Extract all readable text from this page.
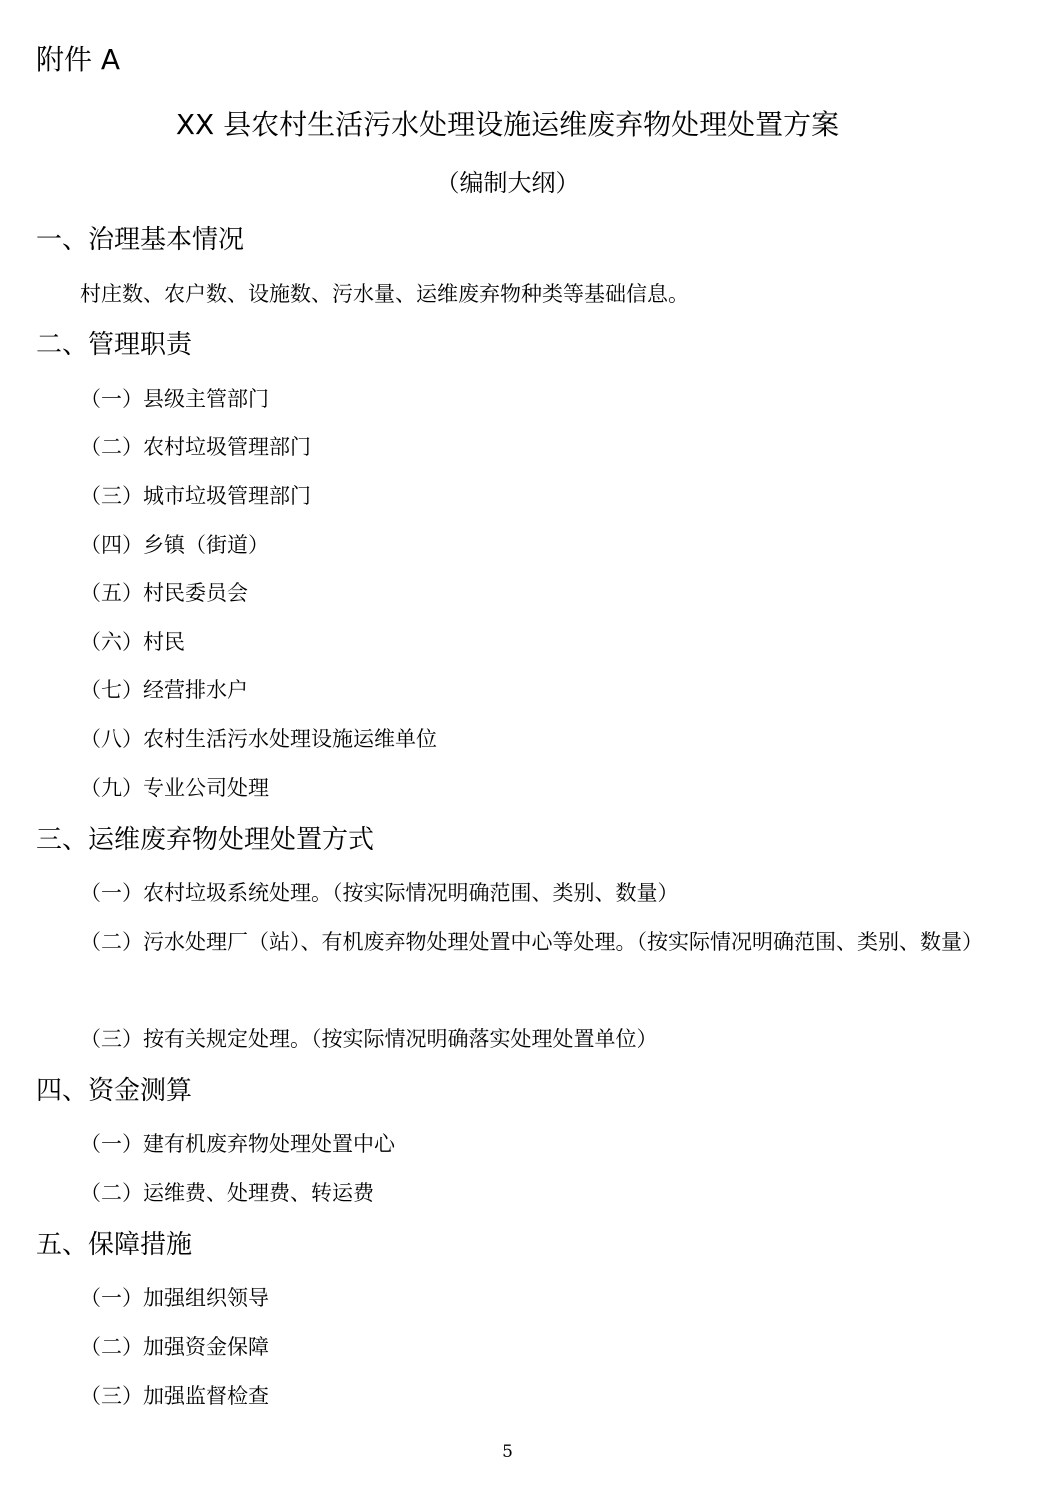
附件 A
XX 县农村生活污水处理设施运维废弃物处理处置方案
（编制大纲）
一、治理基本情况
村庄数、农户数、设施数、污水量、运维废弃物种类等基础信息。
二、管理职责
（一）县级主管部门
（二）农村垃圾管理部门
（三）城市垃圾管理部门
（四）乡镇（街道）
（五）村民委员会
（六）村民
（七）经营排水户
（八）农村生活污水处理设施运维单位
（九）专业公司处理
三、运维废弃物处理处置方式
（一）农村垃圾系统处理。（按实际情况明确范围、类别、数量）
（二）污水处理厂（站）、有机废弃物处理处置中心等处理。（按实际情况明确范围、类别、数量）
（三）按有关规定处理。（按实际情况明确落实处理处置单位）
四、资金测算
（一）建有机废弃物处理处置中心
（二）运维费、处理费、转运费
五、保障措施
（一）加强组织领导
（二）加强资金保障
（三）加强监督检查
5
